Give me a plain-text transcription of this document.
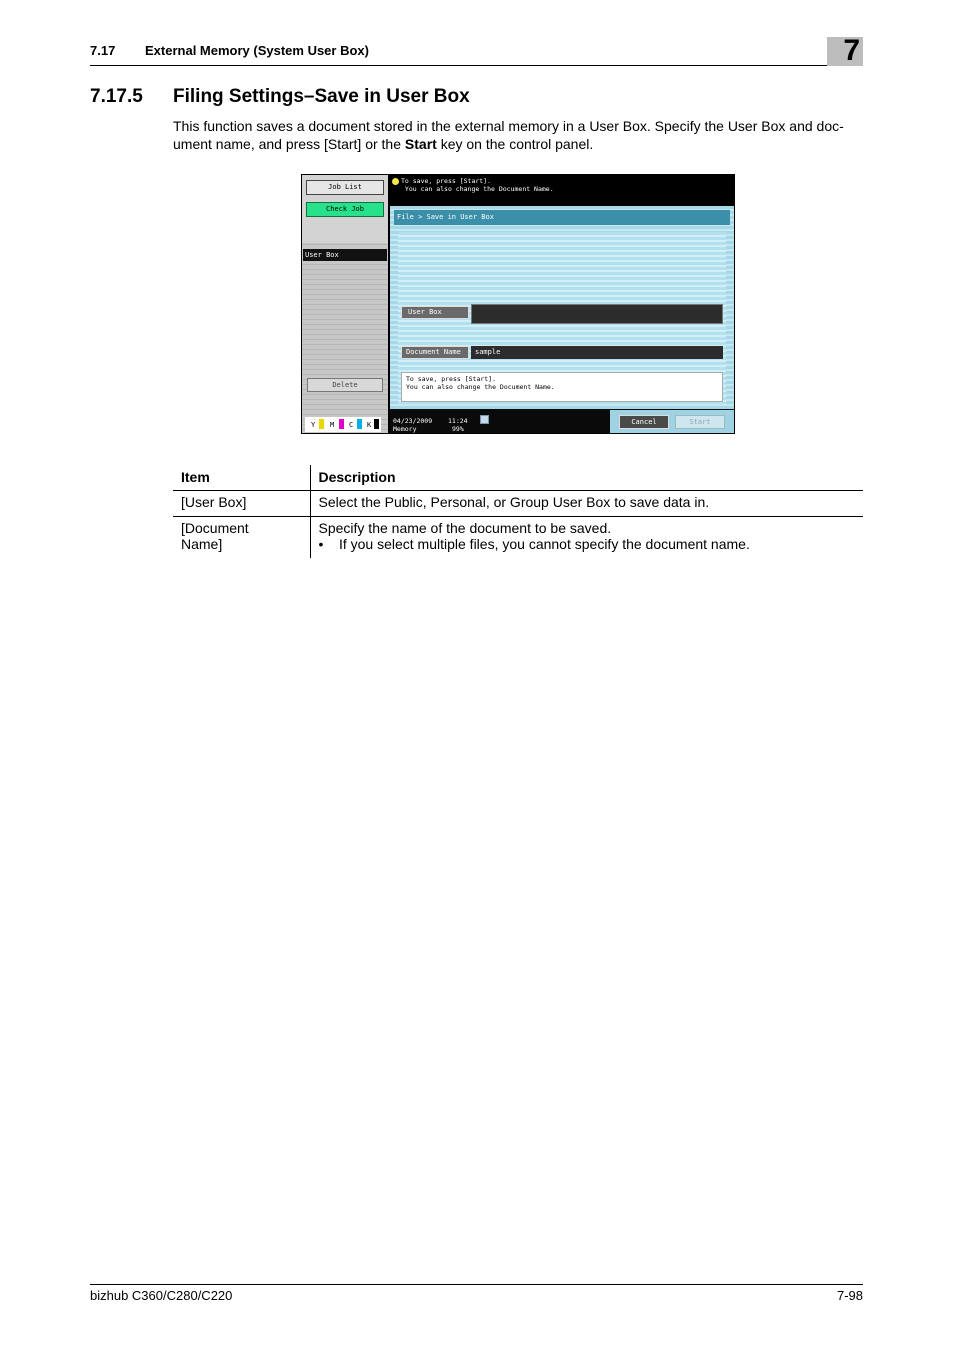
7.17 External Memory (System User Box)	7
7.17.5 Filing Settings–Save in User Box

This function saves a document stored in the external memory in a User Box. Specify the User Box and doc-ument name, and press [Start] or the Start key on the control panel.

Job List
Check Job
User Box
Delete
Y M C K
To save, press [Start].
You can also change the Document Name.
File > Save in User Box
User Box
Document Name	sample
To save, press [Start].
You can also change the Document Name.
04/23/2009
Memory
11:24
99%
Cancel	Start
Item	Description
[User Box]	Select the Public, Personal, or Group User Box to save data in.

[Document
Name]	Specify the name of the document to be saved.
•    If you select multiple files, you cannot specify the document name.
bizhub C360/C280/C220	7-98
